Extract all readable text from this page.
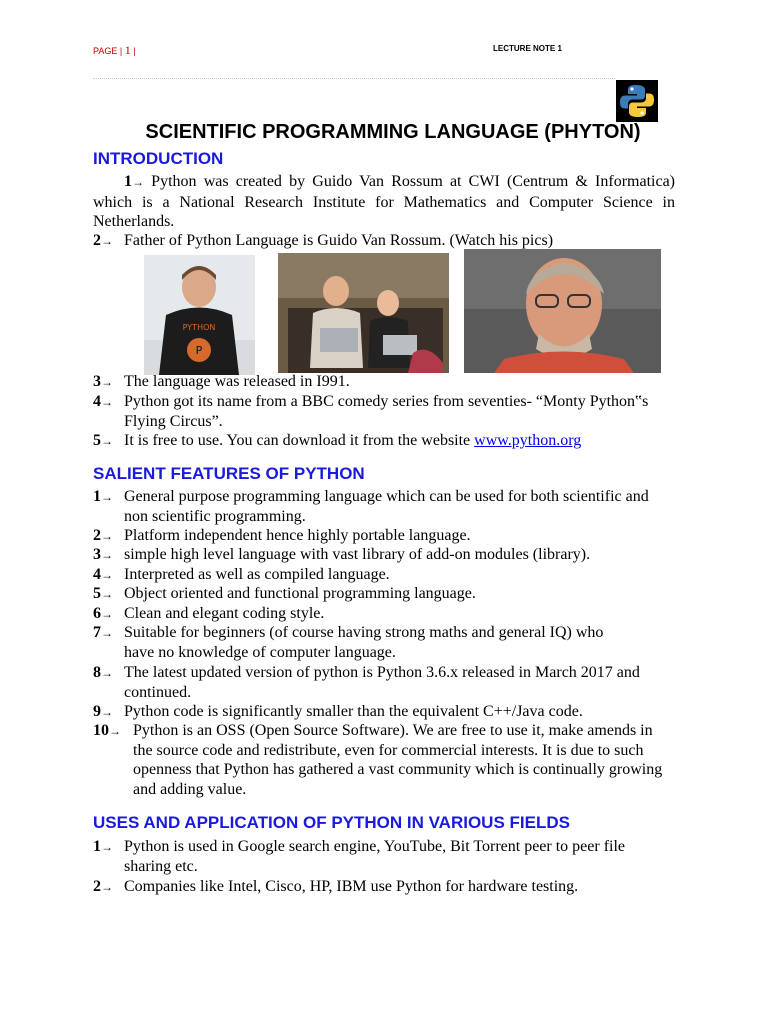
PAGE | 1 |	LECTURE NOTE 1
SCIENTIFIC PROGRAMMING LANGUAGE (PHYTON)
INTRODUCTION
1→ Python was created by Guido Van Rossum at CWI (Centrum & Informatica) which is a National Research Institute for Mathematics and Computer Science in Netherlands.
2→ Father of Python Language is Guido Van Rossum. (Watch his pics)
PYTHON
P
3→ The language was released in I991.
4→ Python got its name from a BBC comedy series from seventies- “Monty Python‟s Flying Circus”.
5→ It is free to use. You can download it from the website www.python.org
SALIENT FEATURES OF PYTHON
1→ General purpose programming language which can be used for both scientific and non scientific programming.
2→ Platform independent hence highly portable language.
3→ simple high level language with vast library of add-on modules (library).
4→ Interpreted as well as compiled language.
5→ Object oriented and functional programming language.
6→ Clean and elegant coding style.
7→ Suitable for beginners (of course having strong maths and general IQ) who have no knowledge of computer language.
8→ The latest updated version of python is Python 3.6.x released in March 2017 and continued.
9→ Python code is significantly smaller than the equivalent C++/Java code.
10→ Python is an OSS (Open Source Software). We are free to use it, make amends in the source code and redistribute, even for commercial interests. It is due to such openness that Python has gathered a vast community which is continually growing and adding value.
USES AND APPLICATION OF PYTHON IN VARIOUS FIELDS
1→ Python is used in Google search engine, YouTube, Bit Torrent peer to peer file sharing etc.
2→ Companies like Intel, Cisco, HP, IBM use Python for hardware testing.
